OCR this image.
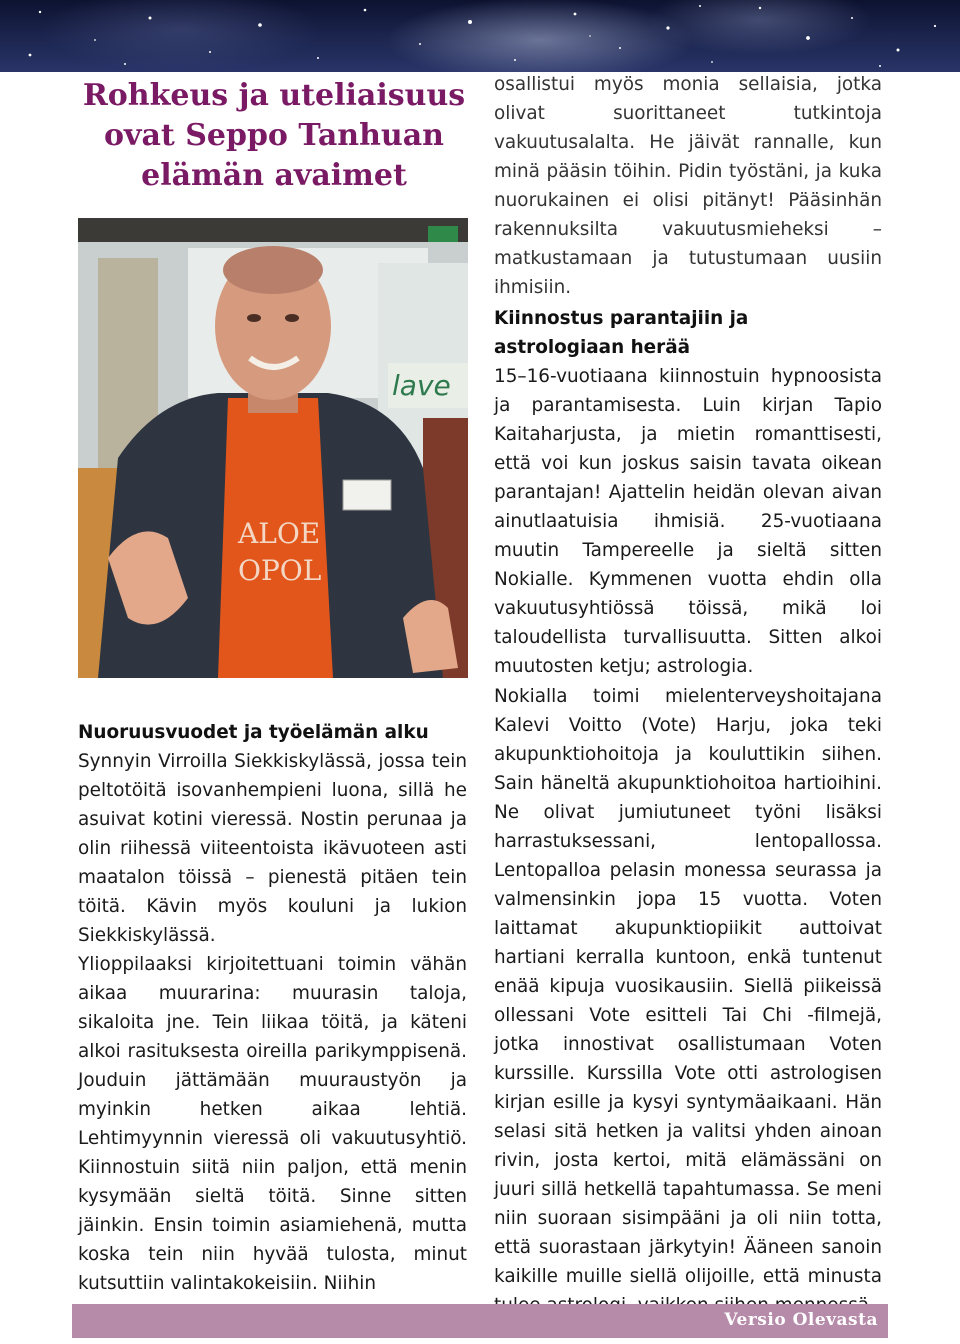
Rohkeus ja uteliaisuus
ovat Seppo Tanhuan
elämän avaimet
lave
ALOE
OPOL

osallistui myös monia sellaisia, jotka olivat suorittaneet tutkintoja vakuutusalalta. He jäivät rannalle, kun minä pääsin töihin. Pidin työstäni, ja kuka nuorukainen ei olisi pitänyt! Pääsinhän rakennuksilta vakuutusmieheksi – matkustamaan ja tutustumaan uusiin ihmisiin.

Kiinnostus parantajiin ja astrologiaan herää

15–16-vuotiaana kiinnostuin hypnoosista ja parantamisesta. Luin kirjan Tapio Kaitaharjusta, ja mietin romanttisesti, että voi kun joskus saisin tavata oikean parantajan! Ajattelin heidän olevan aivan ainutlaatuisia ihmisiä. 25-vuotiaana muutin Tampereelle ja sieltä sitten Nokialle. Kymmenen vuotta ehdin olla vakuutusyhtiössä töissä, mikä loi taloudellista turvallisuutta. Sitten alkoi muutosten ketju; astrologia.

Nokialla toimi mielenterveyshoitajana Kalevi Voitto (Vote) Harju, joka teki akupunktiohoitoja ja kouluttikin siihen. Sain häneltä akupunktiohoitoa hartioihini. Ne olivat jumiutuneet työni lisäksi harrastuksessani, lentopallossa. Lentopalloa pelasin monessa seurassa ja valmensinkin jopa 15 vuotta. Voten laittamat akupunktiopiikit auttoivat hartiani kerralla kuntoon, enkä tuntenut enää kipuja vuosikausiin. Siellä piikeissä ollessani Vote esitteli Tai Chi -filmejä, jotka innostivat osallistumaan Voten kurssille. Kurssilla Vote otti astrologisen kirjan esille ja kysyi syntymäaikaani. Hän selasi sitä hetken ja valitsi yhden ainoan rivin, josta kertoi, mitä elämässäni on juuri sillä hetkellä tapahtumassa. Se meni niin suoraan sisimpääni ja oli niin totta, että suorastaan järkytyin! Ääneen sanoin kaikille muille siellä olijoille, että minusta

Nuoruusvuodet ja työelämän alku

Synnyin Virroilla Siekkiskylässä, jossa tein peltotöitä isovanhempieni luona, sillä he asuivat kotini vieressä. Nostin perunaa ja olin riihessä viiteentoista ikävuoteen asti maatalon töissä – pienestä pitäen tein töitä. Kävin myös kouluni ja lukion Siekkiskylässä.

Ylioppilaaksi kirjoitettuani toimin vähän aikaa muurarina: muurasin taloja, sikaloita jne. Tein liikaa töitä, ja käteni alkoi rasituksesta oireilla parikymppisenä. Jouduin jättämään muuraustyön ja myinkin hetken aikaa lehtiä. Lehtimyynnin vieressä oli vakuutusyhtiö. Kiinnostuin siitä niin paljon, että menin kysymään sieltä töitä. Sinne sitten jäinkin. Ensin toimin asiamiehenä, mutta koska tein niin hyvää tulosta, minut kutsuttiin valintakokeisiin. Niihin

Versio Olevasta
